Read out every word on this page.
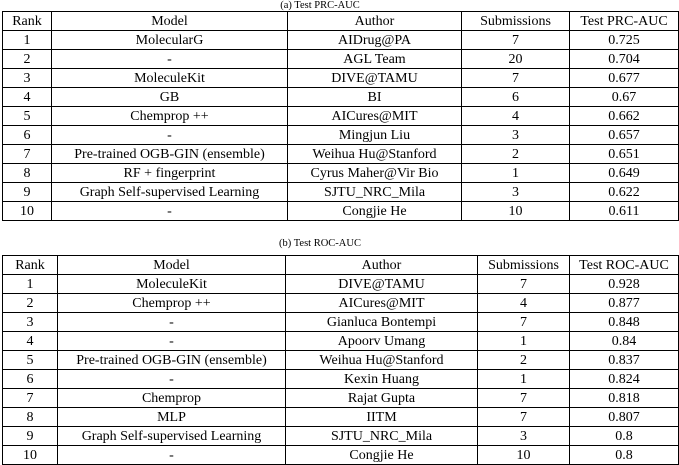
(a) Test PRC-AUC
Rank	Model	Author	Submissions	Test PRC-AUC
1	MolecularG	AIDrug@PA	7	0.725
2	-	AGL Team	20	0.704
3	MoleculeKit	DIVE@TAMU	7	0.677
4	GB	BI	6	0.67
5	Chemprop ++	AICures@MIT	4	0.662
6	-	Mingjun Liu	3	0.657
7	Pre-trained OGB-GIN (ensemble)	Weihua Hu@Stanford	2	0.651
8	RF + fingerprint	Cyrus Maher@Vir Bio	1	0.649
9	Graph Self-supervised Learning	SJTU_NRC_Mila	3	0.622
10	-	Congjie He	10	0.611
(b) Test ROC-AUC
Rank	Model	Author	Submissions	Test ROC-AUC
1	MoleculeKit	DIVE@TAMU	7	0.928
2	Chemprop ++	AICures@MIT	4	0.877
3	-	Gianluca Bontempi	7	0.848
4	-	Apoorv Umang	1	0.84
5	Pre-trained OGB-GIN (ensemble)	Weihua Hu@Stanford	2	0.837
6	-	Kexin Huang	1	0.824
7	Chemprop	Rajat Gupta	7	0.818
8	MLP	IITM	7	0.807
9	Graph Self-supervised Learning	SJTU_NRC_Mila	3	0.8
10	-	Congjie He	10	0.8
